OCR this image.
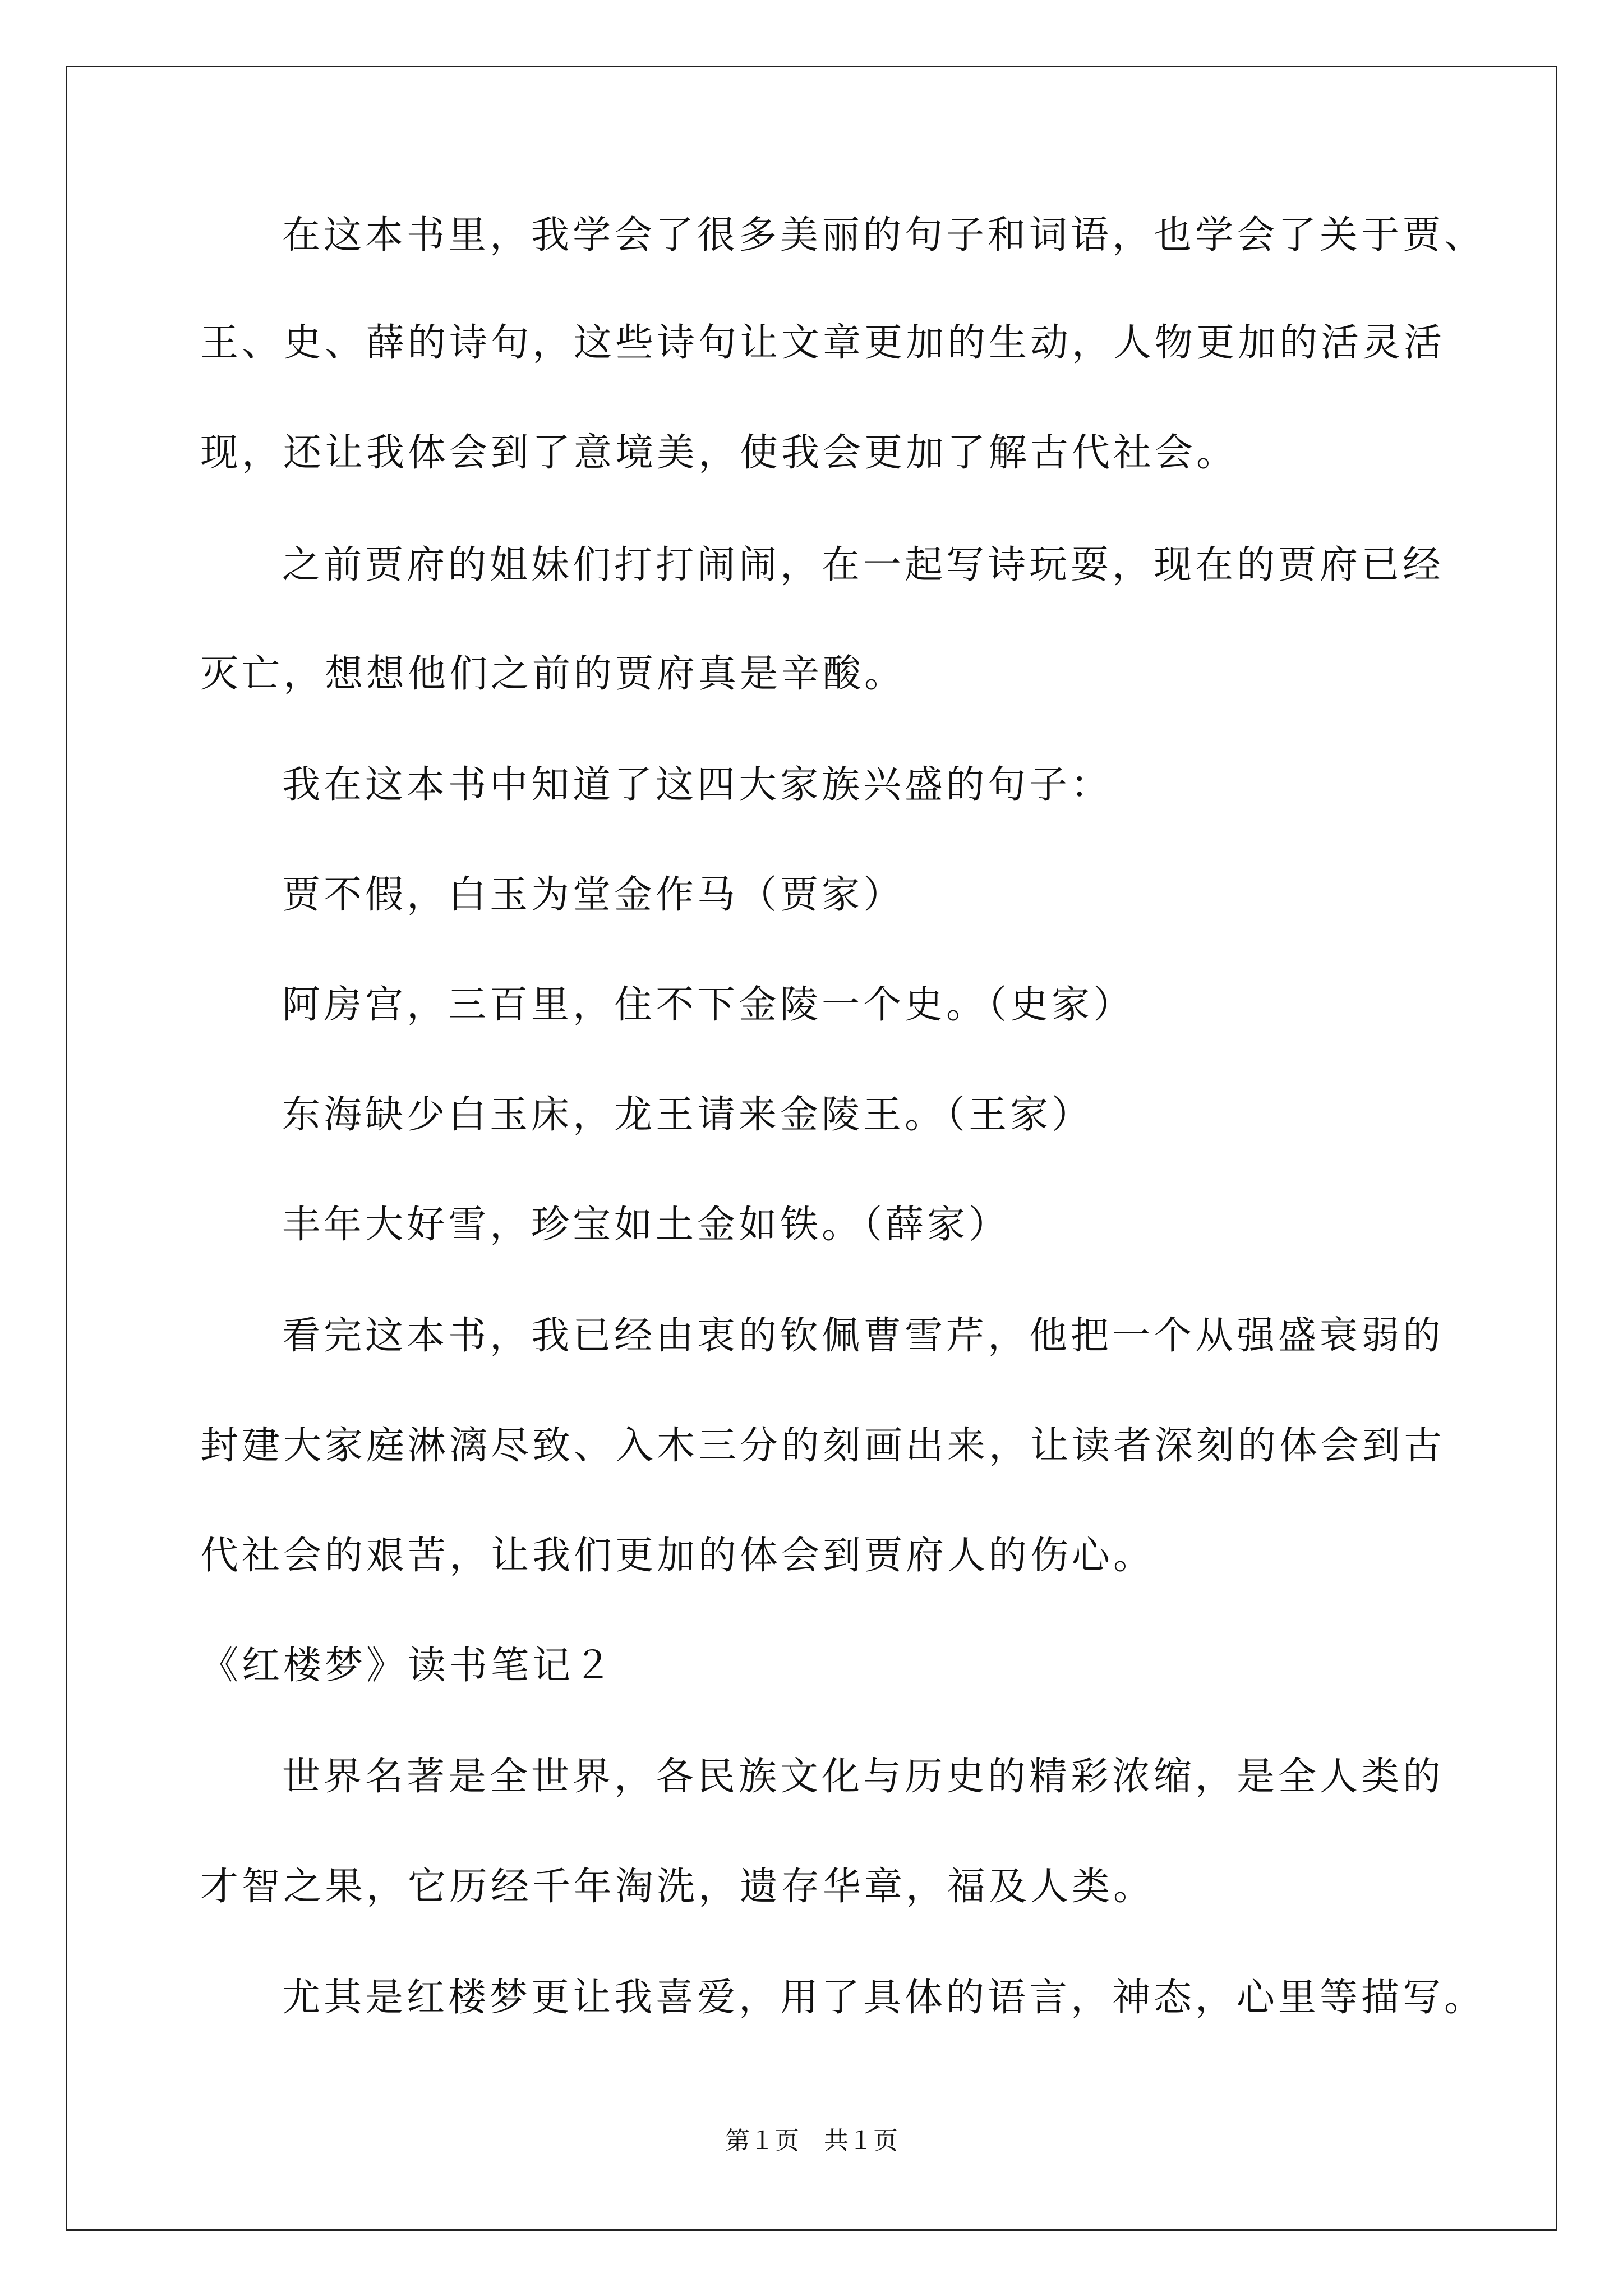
在这本书里，我学会了很多美丽的句子和词语，也学会了关于贾、
王、史、薛的诗句，这些诗句让文章更加的生动，人物更加的活灵活
现，还让我体会到了意境美，使我会更加了解古代社会。
之前贾府的姐妹们打打闹闹，在一起写诗玩耍，现在的贾府已经
灭亡，想想他们之前的贾府真是辛酸。
我在这本书中知道了这四大家族兴盛的句子：
贾不假，白玉为堂金作马（贾家）
阿房宫，三百里，住不下金陵一个史。（史家）
东海缺少白玉床，龙王请来金陵王。（王家）
丰年大好雪，珍宝如土金如铁。（薛家）
看完这本书，我已经由衷的钦佩曹雪芹，他把一个从强盛衰弱的
封建大家庭淋漓尽致、入木三分的刻画出来，让读者深刻的体会到古
代社会的艰苦，让我们更加的体会到贾府人的伤心。
《红楼梦》读书笔记２
世界名著是全世界，各民族文化与历史的精彩浓缩，是全人类的
才智之果，它历经千年淘洗，遗存华章，福及人类。
尤其是红楼梦更让我喜爱，用了具体的语言，神态，心里等描写。
第１页　共１页
